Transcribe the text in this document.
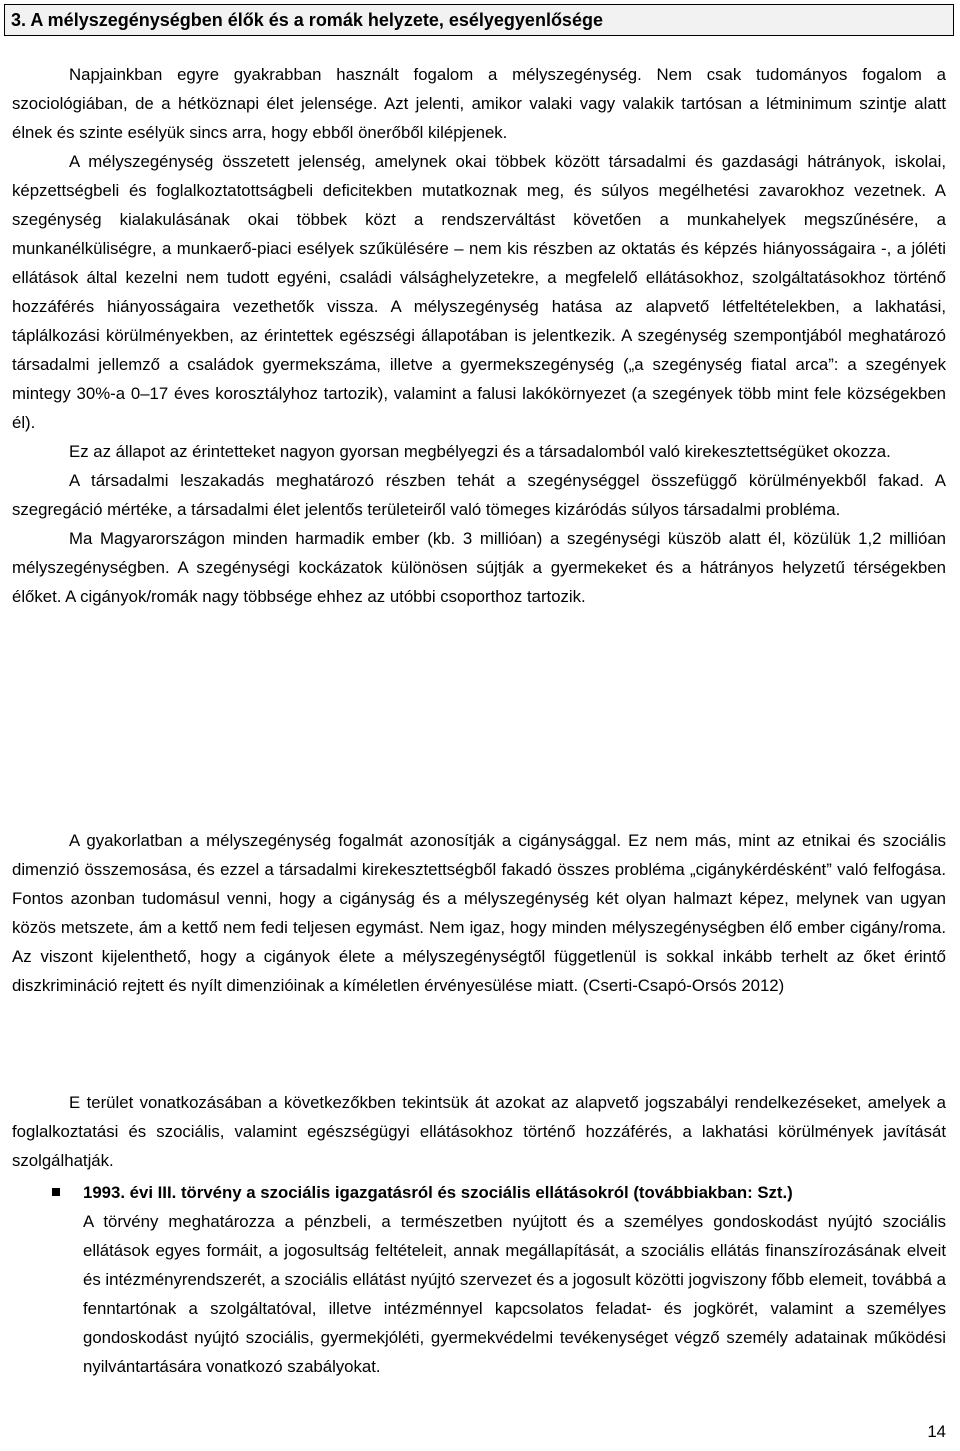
3. A mélyszegénységben élők és a romák helyzete, esélyegyenlősége

Napjainkban egyre gyakrabban használt fogalom a mélyszegénység. Nem csak tudományos fogalom a szociológiában, de a hétköznapi élet jelensége. Azt jelenti, amikor valaki vagy valakik tartósan a létminimum szintje alatt élnek és szinte esélyük sincs arra, hogy ebből önerőből kilépjenek.

A mélyszegénység összetett jelenség, amelynek okai többek között társadalmi és gazdasági hátrányok, iskolai, képzettségbeli és foglalkoztatottságbeli deficitekben mutatkoznak meg, és súlyos megélhetési zavarokhoz vezetnek. A szegénység kialakulásának okai többek közt a rendszerváltást követően a munkahelyek megszűnésére, a munkanélküliségre, a munkaerő-piaci esélyek szűkülésére – nem kis részben az oktatás és képzés hiányosságaira -, a jóléti ellátások által kezelni nem tudott egyéni, családi válsághelyzetekre, a megfelelő ellátásokhoz, szolgáltatásokhoz történő hozzáférés hiányosságaira vezethetők vissza. A mélyszegénység hatása az alapvető létfeltételekben, a lakhatási, táplálkozási körülményekben, az érintettek egészségi állapotában is jelentkezik. A szegénység szempontjából meghatározó társadalmi jellemző a családok gyermekszáma, illetve a gyermekszegénység („a szegénység fiatal arca”: a szegények mintegy 30%-a 0–17 éves korosztályhoz tartozik), valamint a falusi lakókörnyezet (a szegények több mint fele községekben él).

Ez az állapot az érintetteket nagyon gyorsan megbélyegzi és a társadalomból való kirekesztettségüket okozza.

A társadalmi leszakadás meghatározó részben tehát a szegénységgel összefüggő körülményekből fakad. A szegregáció mértéke, a társadalmi élet jelentős területeiről való tömeges kizáródás súlyos társadalmi probléma.

Ma Magyarországon minden harmadik ember (kb. 3 millióan) a szegénységi küszöb alatt él, közülük 1,2 millióan mélyszegénységben. A szegénységi kockázatok különösen sújtják a gyermekeket és a hátrányos helyzetű térségekben élőket. A cigányok/romák nagy többsége ehhez az utóbbi csoporthoz tartozik.

A gyakorlatban a mélyszegénység fogalmát azonosítják a cigánysággal. Ez nem más, mint az etnikai és szociális dimenzió összemosása, és ezzel a társadalmi kirekesztettségből fakadó összes probléma „cigánykérdésként” való felfogása. Fontos azonban tudomásul venni, hogy a cigányság és a mélyszegénység két olyan halmazt képez, melynek van ugyan közös metszete, ám a kettő nem fedi teljesen egymást. Nem igaz, hogy minden mélyszegénységben élő ember cigány/roma. Az viszont kijelenthető, hogy a cigányok élete a mélyszegénységtől függetlenül is sokkal inkább terhelt az őket érintő diszkrimináció rejtett és nyílt dimenzióinak a kíméletlen érvényesülése miatt. (Cserti-Csapó-Orsós 2012)

E terület vonatkozásában a következőkben tekintsük át azokat az alapvető jogszabályi rendelkezéseket, amelyek a foglalkoztatási és szociális, valamint egészségügyi ellátásokhoz történő hozzáférés, a lakhatási körülmények javítását szolgálhatják.

1993. évi III. törvény a szociális igazgatásról és szociális ellátásokról (továbbiakban: Szt.)

A törvény meghatározza a pénzbeli, a természetben nyújtott és a személyes gondoskodást nyújtó szociális ellátások egyes formáit, a jogosultság feltételeit, annak megállapítását, a szociális ellátás finanszírozásának elveit és intézményrendszerét, a szociális ellátást nyújtó szervezet és a jogosult közötti jogviszony főbb elemeit, továbbá a fenntartónak a szolgáltatóval, illetve intézménnyel kapcsolatos feladat- és jogkörét, valamint a személyes gondoskodást nyújtó szociális, gyermekjóléti, gyermekvédelmi tevékenységet végző személy adatainak működési nyilvántartására vonatkozó szabályokat.

14
